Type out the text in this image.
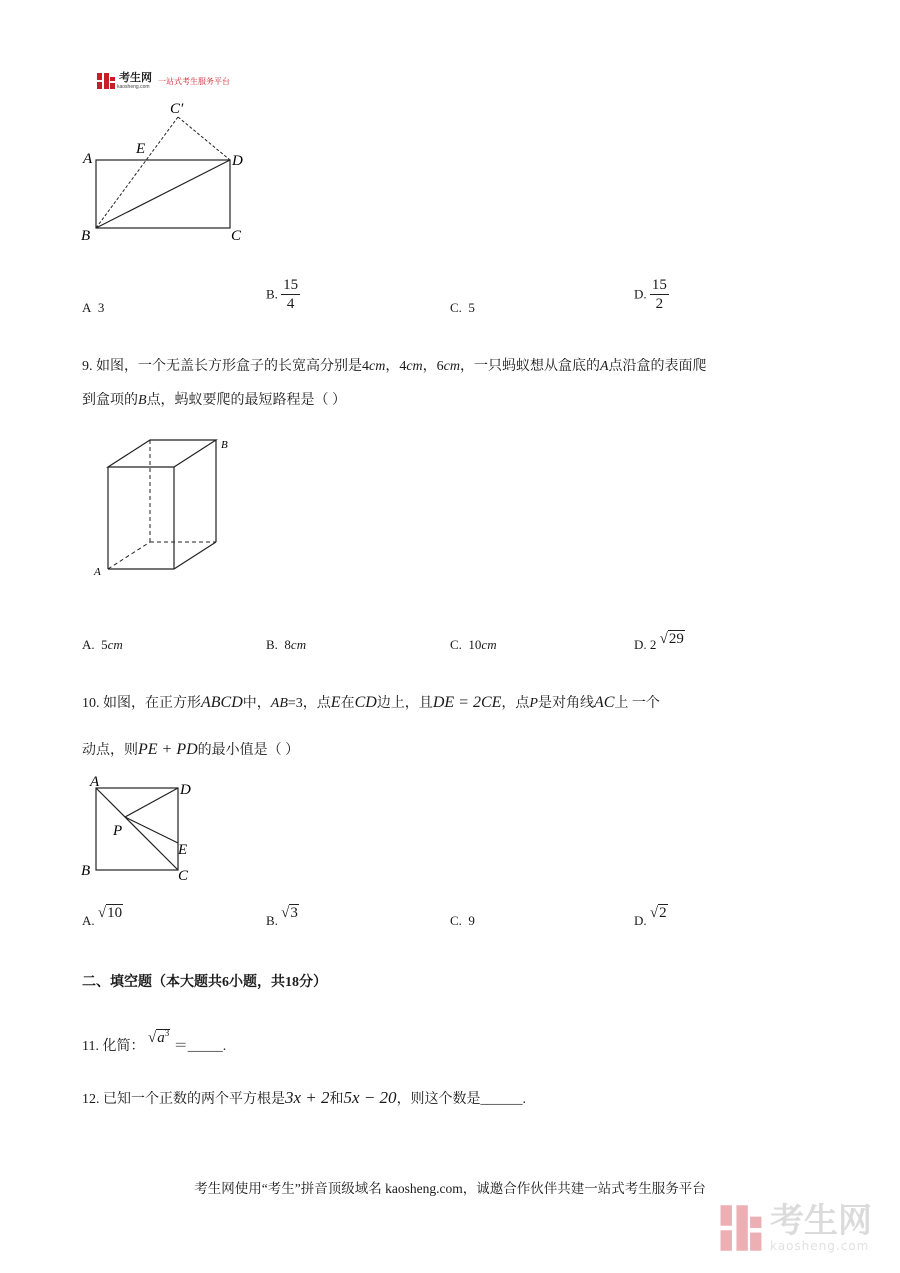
考生网
kaosheng.com
一站式考生服务平台
C′
A
E
D
B	C
A 3
B. $\frac{15}{4}$	C. 5
D. $\frac{15}{2}$
9. 如图，一个无盖长方形盒子的长宽高分别是4cm，4cm，6cm，一只蚂蚁想从盒底的A点沿盒的表面爬
到盒项的B点，蚂蚁要爬的最短路程是（ ）
A
B
A. 5cm	B. 8cm	C. 10cm	D. 2 √29
10. 如图，在正方形ABCD中，AB=3，点E在CD边上，且DE = 2CE，点P是对角线AC上 一个
动点，则PE + PD的最小值是（ ）
A	D
P
E
B	C
A. √10	B. √3	C. 9	D. √2
二、填空题（本大题共6小题，共18分）
11. 化简： $√a^3$ ＝_____.
12. 已知一个正数的两个平方根是3x + 2和5x − 20，则这个数是______.
考生网使用“考生”拼音顶级域名 kaosheng.com，诚邀合作伙伴共建一站式考生服务平台
考生网
kaosheng.com
